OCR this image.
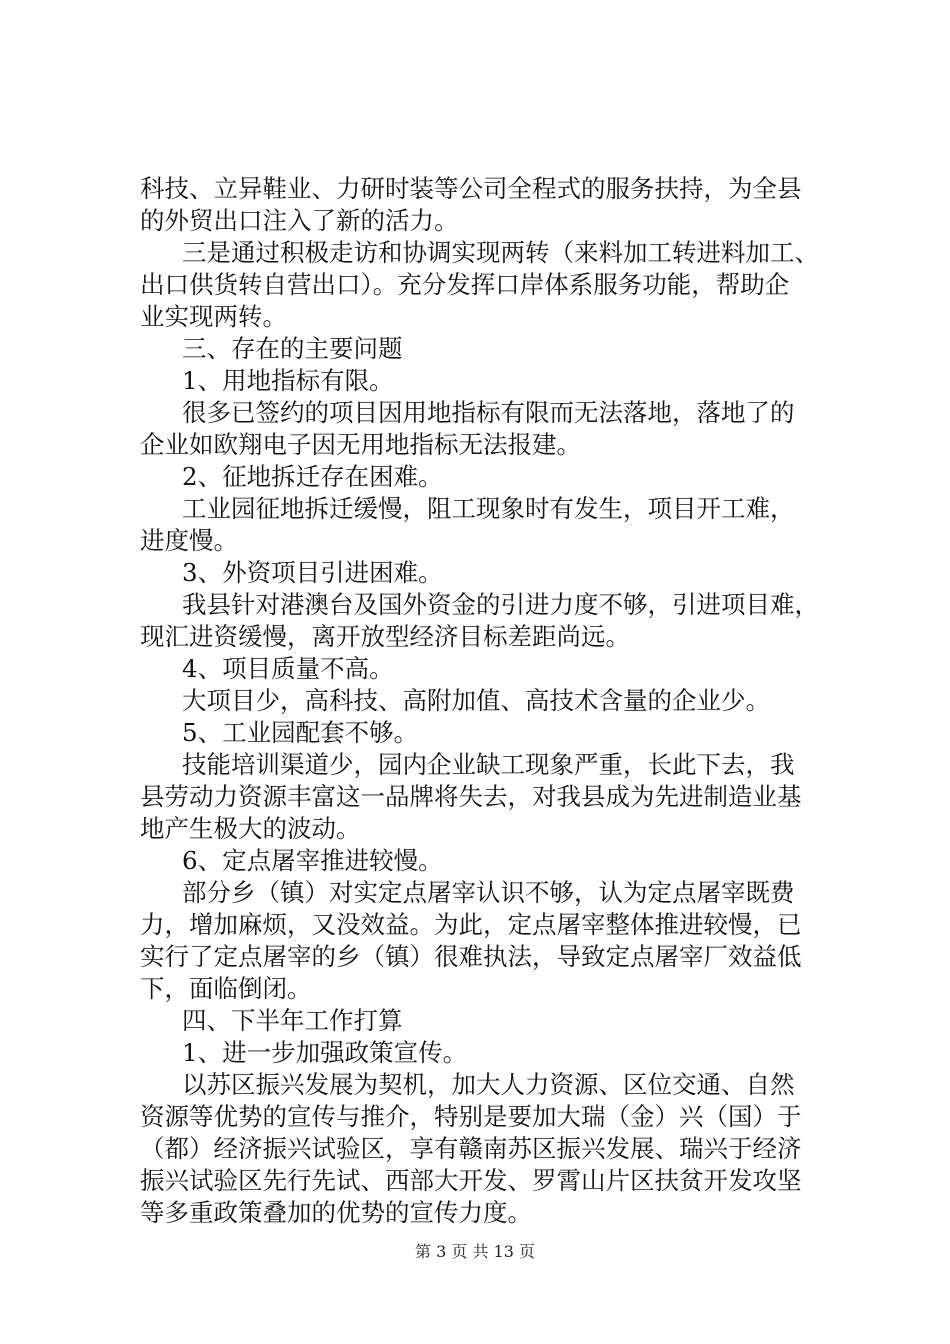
科技、立异鞋业、力研时装等公司全程式的服务扶持，为全县
的外贸出口注入了新的活力。
三是通过积极走访和协调实现两转（来料加工转进料加工、
出口供货转自营出口）。充分发挥口岸体系服务功能，帮助企
业实现两转。
三、存在的主要问题
1、用地指标有限。
很多已签约的项目因用地指标有限而无法落地，落地了的
企业如欧翔电子因无用地指标无法报建。
2、征地拆迁存在困难。
工业园征地拆迁缓慢，阻工现象时有发生，项目开工难，
进度慢。
3、外资项目引进困难。
我县针对港澳台及国外资金的引进力度不够，引进项目难，
现汇进资缓慢，离开放型经济目标差距尚远。
4、项目质量不高。
大项目少，高科技、高附加值、高技术含量的企业少。
5、工业园配套不够。
技能培训渠道少，园内企业缺工现象严重，长此下去，我
县劳动力资源丰富这一品牌将失去，对我县成为先进制造业基
地产生极大的波动。
6、定点屠宰推进较慢。
部分乡（镇）对实定点屠宰认识不够，认为定点屠宰既费
力，增加麻烦，又没效益。为此，定点屠宰整体推进较慢，已
实行了定点屠宰的乡（镇）很难执法，导致定点屠宰厂效益低
下，面临倒闭。
四、下半年工作打算
1、进一步加强政策宣传。
以苏区振兴发展为契机，加大人力资源、区位交通、自然
资源等优势的宣传与推介，特别是要加大瑞（金）兴（国）于
（都）经济振兴试验区，享有赣南苏区振兴发展、瑞兴于经济
振兴试验区先行先试、西部大开发、罗霄山片区扶贫开发攻坚
等多重政策叠加的优势的宣传力度。
第 3 页 共 13 页
